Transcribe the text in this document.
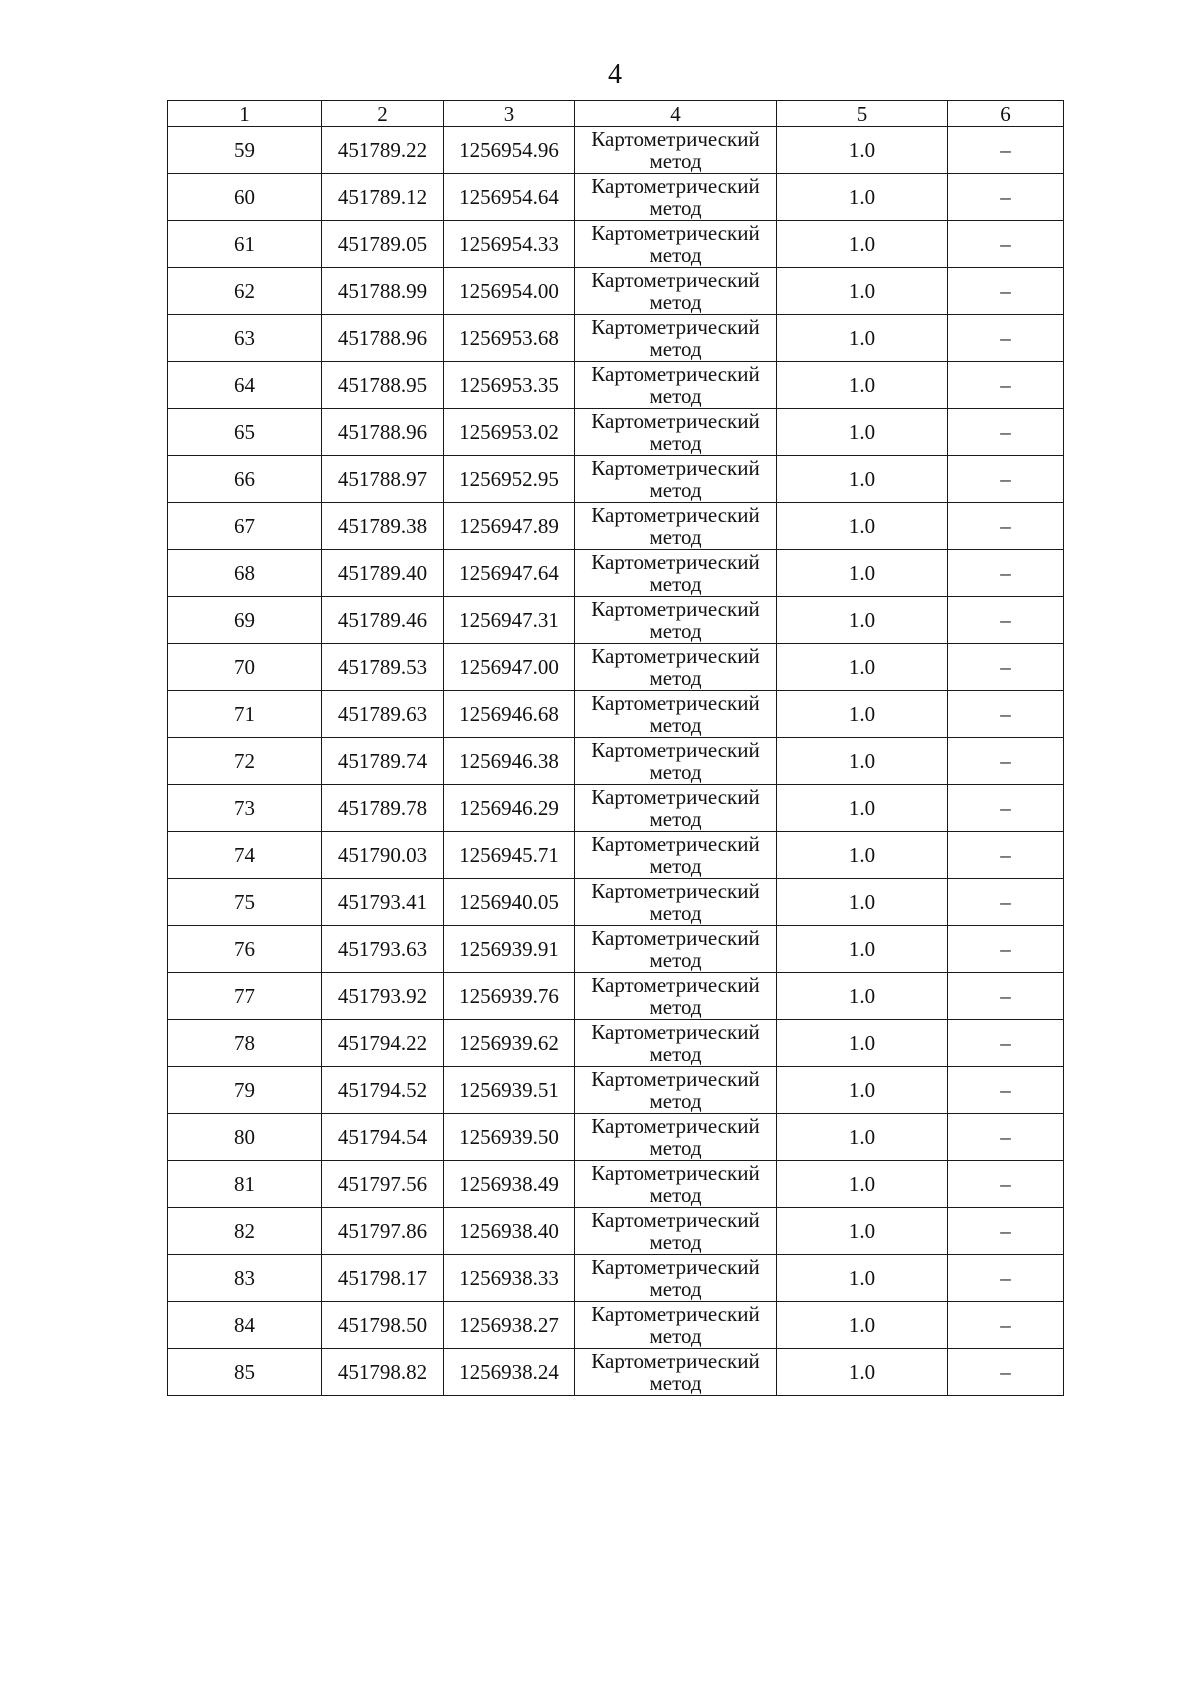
4
1	2	3	4	5	6
59	451789.22	1256954.96	Картометрический метод	1.0	–
60	451789.12	1256954.64	Картометрический метод	1.0	–
61	451789.05	1256954.33	Картометрический метод	1.0	–
62	451788.99	1256954.00	Картометрический метод	1.0	–
63	451788.96	1256953.68	Картометрический метод	1.0	–
64	451788.95	1256953.35	Картометрический метод	1.0	–
65	451788.96	1256953.02	Картометрический метод	1.0	–
66	451788.97	1256952.95	Картометрический метод	1.0	–
67	451789.38	1256947.89	Картометрический метод	1.0	–
68	451789.40	1256947.64	Картометрический метод	1.0	–
69	451789.46	1256947.31	Картометрический метод	1.0	–
70	451789.53	1256947.00	Картометрический метод	1.0	–
71	451789.63	1256946.68	Картометрический метод	1.0	–
72	451789.74	1256946.38	Картометрический метод	1.0	–
73	451789.78	1256946.29	Картометрический метод	1.0	–
74	451790.03	1256945.71	Картометрический метод	1.0	–
75	451793.41	1256940.05	Картометрический метод	1.0	–
76	451793.63	1256939.91	Картометрический метод	1.0	–
77	451793.92	1256939.76	Картометрический метод	1.0	–
78	451794.22	1256939.62	Картометрический метод	1.0	–
79	451794.52	1256939.51	Картометрический метод	1.0	–
80	451794.54	1256939.50	Картометрический метод	1.0	–
81	451797.56	1256938.49	Картометрический метод	1.0	–
82	451797.86	1256938.40	Картометрический метод	1.0	–
83	451798.17	1256938.33	Картометрический метод	1.0	–
84	451798.50	1256938.27	Картометрический метод	1.0	–
85	451798.82	1256938.24	Картометрический метод	1.0	–
